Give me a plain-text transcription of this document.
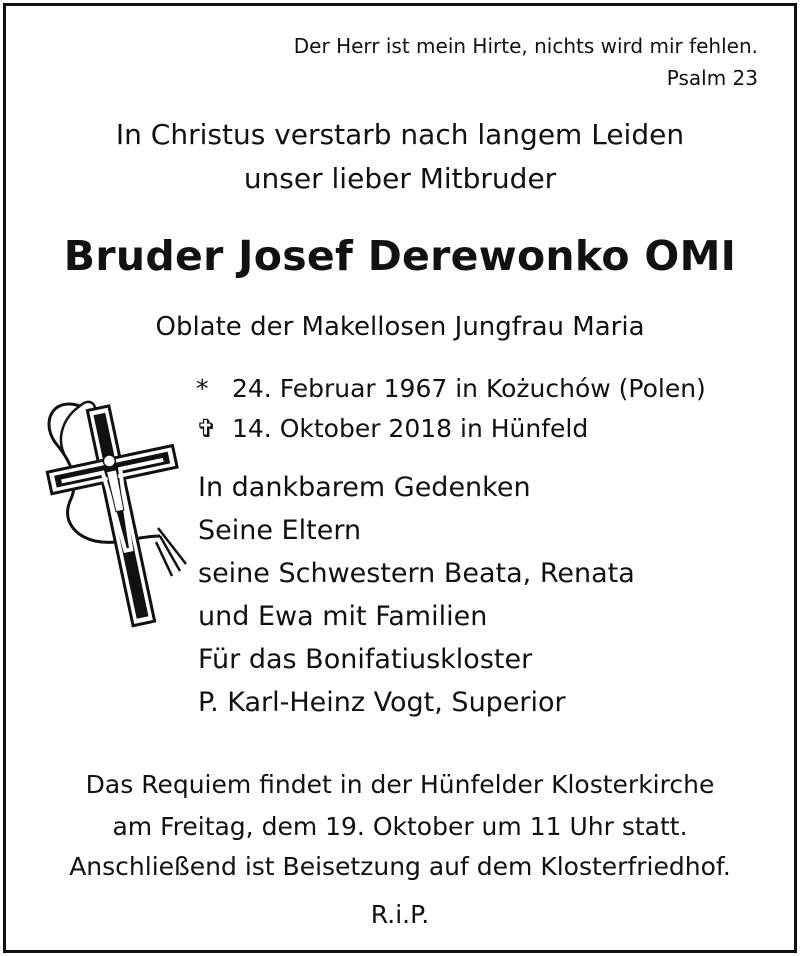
Der Herr ist mein Hirte, nichts wird mir fehlen.
Psalm 23
In Christus verstarb nach langem Leiden
unser lieber Mitbruder
Bruder Josef Derewonko OMI
Oblate der Makellosen Jungfrau Maria
* 24. Februar 1967 in Kożuchów (Polen)
✞ 14. Oktober 2018 in Hünfeld
In dankbarem Gedenken
Seine Eltern
seine Schwestern Beata, Renata
und Ewa mit Familien
Für das Bonifatiuskloster
P. Karl-Heinz Vogt, Superior
Das Requiem findet in der Hünfelder Klosterkirche
am Freitag, dem 19. Oktober um 11 Uhr statt.
Anschließend ist Beisetzung auf dem Klosterfriedhof.
R.i.P.
